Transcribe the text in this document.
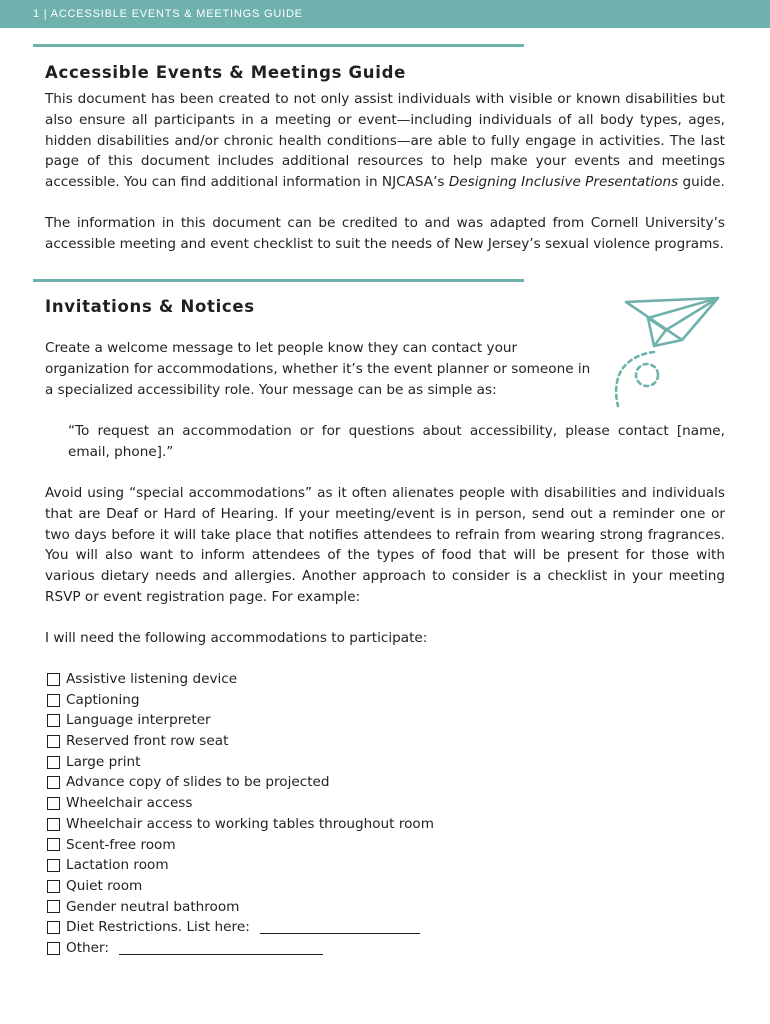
1 | ACCESSIBLE EVENTS & MEETINGS GUIDE
Accessible Events & Meetings Guide

This document has been created to not only assist individuals with visible or known disabilities but also ensure all participants in a meeting or event—including individuals of all body types, ages, hidden disabilities and/or chronic health conditions—are able to fully engage in activities. The last page of this document includes additional resources to help make your events and meetings accessible. You can find additional information in NJCASA’s Designing Inclusive Presentations guide.

The information in this document can be credited to and was adapted from Cornell University’s accessible meeting and event checklist to suit the needs of New Jersey’s sexual violence programs.

Invitations & Notices

Create a welcome message to let people know they can contact your organization for accommodations, whether it’s the event planner or someone in a specialized accessibility role. Your message can be as simple as:

“To request an accommodation or for questions about accessibility, please contact [name, email, phone].”

Avoid using “special accommodations” as it often alienates people with disabilities and individuals that are Deaf or Hard of Hearing. If your meeting/event is in person, send out a reminder one or two days before it will take place that notifies attendees to refrain from wearing strong fragrances. You will also want to inform attendees of the types of food that will be present for those with various dietary needs and allergies. Another approach to consider is a checklist in your meeting RSVP or event registration page. For example:

I will need the following accommodations to participate:

Assistive listening device
Captioning
Language interpreter
Reserved front row seat
Large print
Advance copy of slides to be projected
Wheelchair access
Wheelchair access to working tables throughout room
Scent-free room
Lactation room
Quiet room
Gender neutral bathroom
Diet Restrictions. List here:
Other:
